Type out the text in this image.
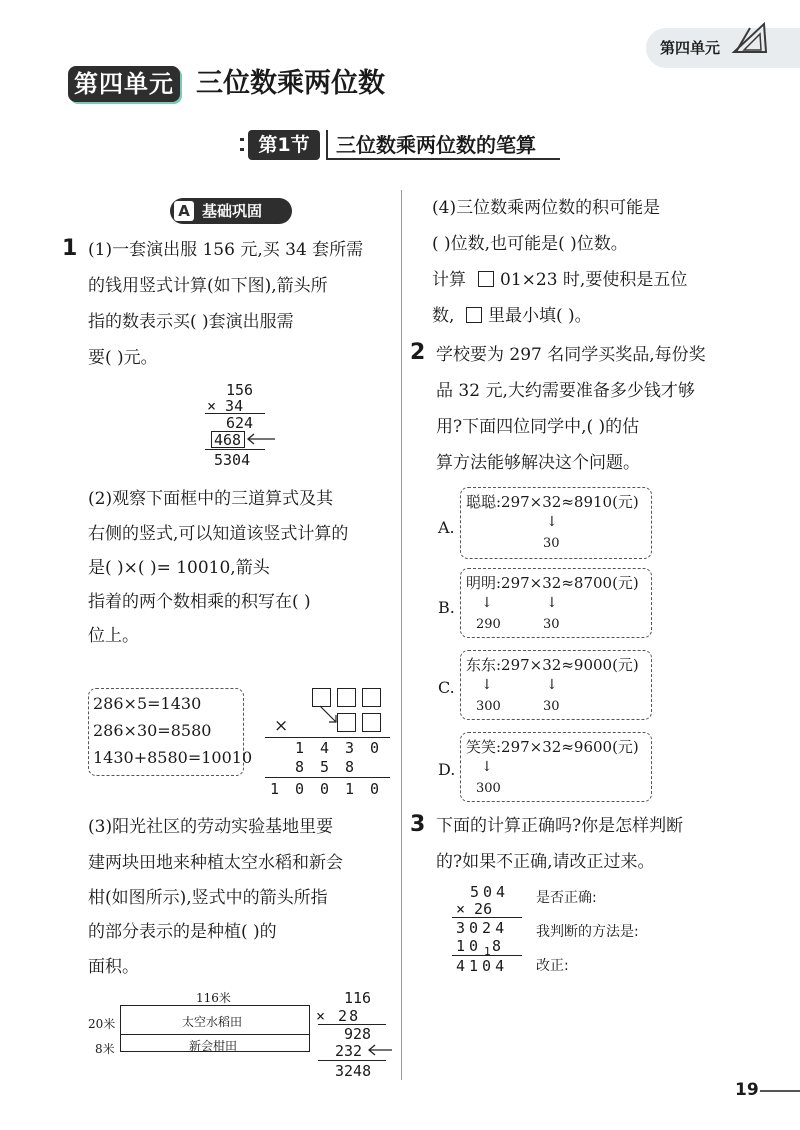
第四单元
第四单元 三位数乘两位数
第1节	三位数乘两位数的笔算
A 基础巩固
1 (1)一套演出服 156 元,买 34 套所需
的钱用竖式计算(如下图),箭头所
指的数表示买( )套演出服需
要( )元。
156
× 34
624
468
5304
(2)观察下面框中的三道算式及其
右侧的竖式,可以知道该竖式计算的
是( )×( )= 10010,箭头
指着的两个数相乘的积写在( )
位上。
286×5=1430
286×30=8580
1430+8580=10010
×
1 4 3 0
8 5 8
1 0 0 1 0
(3)阳光社区的劳动实验基地里要
建两块田地来种植太空水稻和新会
柑(如图所示),竖式中的箭头所指
的部分表示的是种植( )的
面积。
116米
20米
8米
太空水稻田
新会柑田
116
× 28
928
232
3248
(4)三位数乘两位数的积可能是
( )位数,也可能是( )位数。
计算 01×23 时,要使积是五位
数, 里最小填( )。
2 学校要为 297 名同学买奖品,每份奖
品 32 元,大约需要准备多少钱才够
用?下面四位同学中,( )的估
算方法能够解决这个问题。
A.
聪聪:297×32≈8910(元)
↓
30
B.
明明:297×32≈8700(元)
↓	↓
290	30
C.
东东:297×32≈9000(元)
↓	↓
300	30
D.
笑笑:297×32≈9600(元)
↓
300
3 下面的计算正确吗?你是怎样判断
的?如果不正确,请改正过来。
504
× 26
3024
10 1 8
4104
是否正确:
我判断的方法是:
改正:
19
